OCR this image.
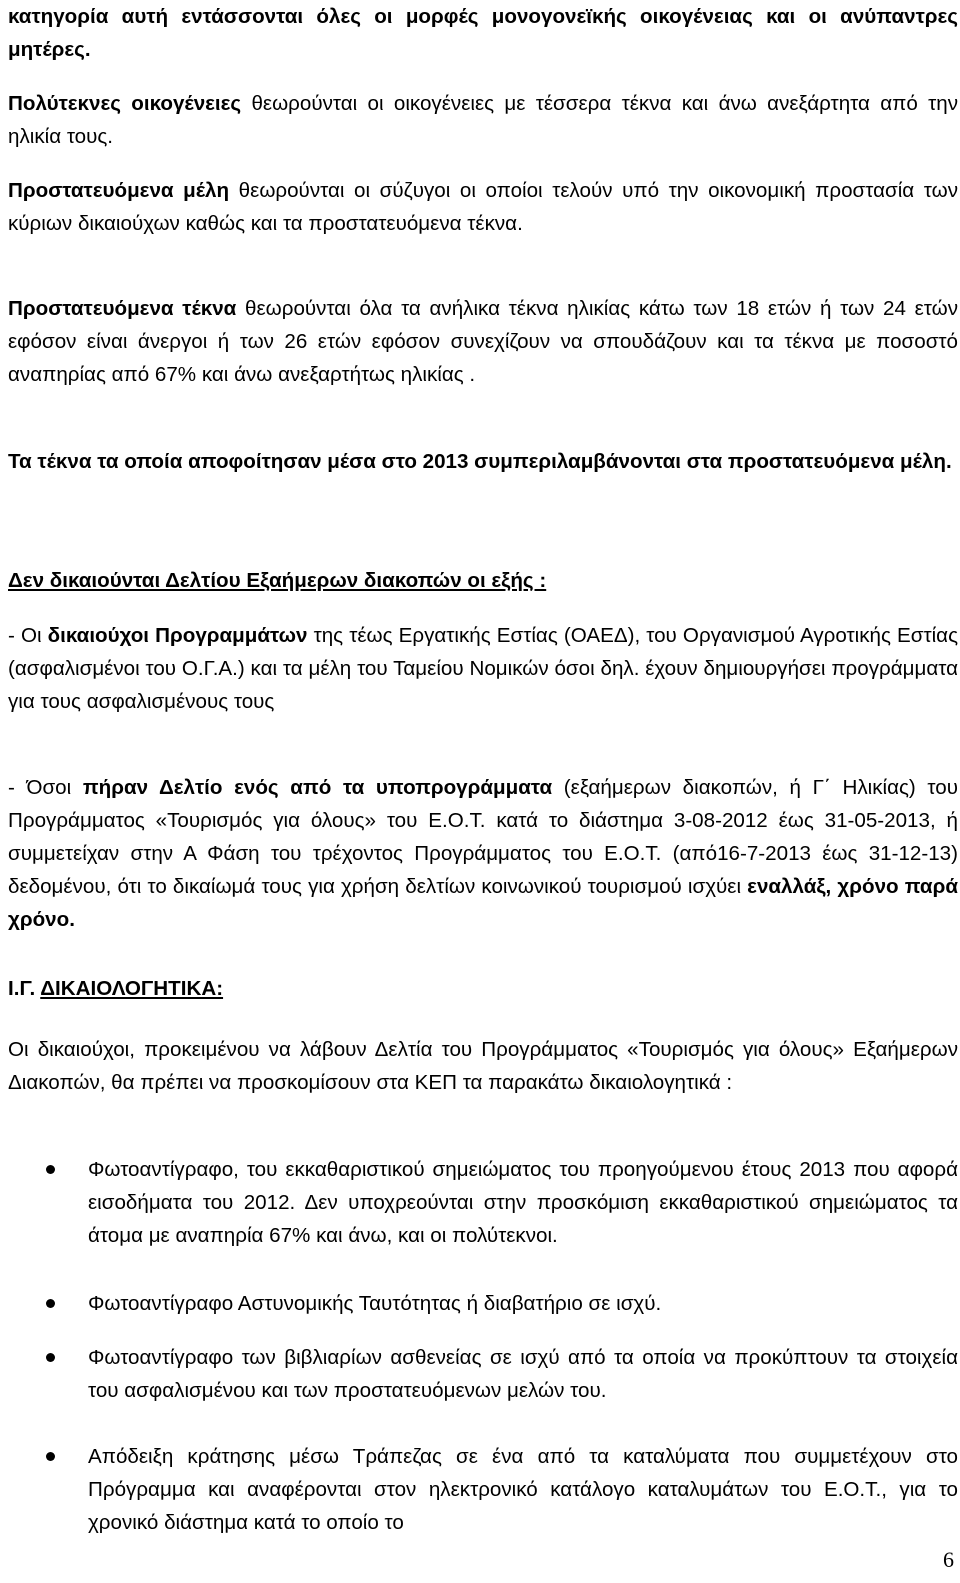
κατηγορία αυτή εντάσσονται όλες οι μορφές μονογονεϊκής οικογένειας και οι ανύπαντρες μητέρες.

Πολύτεκνες οικογένειες θεωρούνται οι οικογένειες με τέσσερα τέκνα και άνω ανεξάρτητα από την ηλικία τους.

Προστατευόμενα μέλη θεωρούνται οι σύζυγοι οι οποίοι τελούν υπό την οικονομική προστασία των κύριων δικαιούχων καθώς και τα προστατευόμενα τέκνα.

Προστατευόμενα τέκνα θεωρούνται όλα τα ανήλικα τέκνα ηλικίας κάτω των 18 ετών ή των 24 ετών εφόσον είναι άνεργοι ή των 26 ετών εφόσον συνεχίζουν να σπουδάζουν και τα τέκνα με ποσοστό αναπηρίας από 67% και άνω ανεξαρτήτως ηλικίας .

Τα τέκνα τα οποία αποφοίτησαν μέσα στο 2013 συμπεριλαμβάνονται στα προστατευόμενα μέλη.

Δεν δικαιούνται Δελτίου Εξαήμερων διακοπών οι εξής :

- Οι δικαιούχοι Προγραμμάτων της τέως Εργατικής Εστίας (ΟΑΕΔ), του Οργανισμού Αγροτικής Εστίας (ασφαλισμένοι του Ο.Γ.Α.) και τα μέλη του Ταμείου Νομικών όσοι δηλ. έχουν δημιουργήσει προγράμματα για τους ασφαλισμένους τους

- Όσοι πήραν Δελτίο ενός από τα υποπρογράμματα (εξαήμερων διακοπών, ή Γ΄ Ηλικίας) του Προγράμματος «Τουρισμός για όλους» του Ε.Ο.Τ. κατά το διάστημα 3-08-2012 έως 31-05-2013, ή συμμετείχαν στην Α Φάση του τρέχοντος Προγράμματος του Ε.Ο.Τ. (από16-7-2013 έως 31-12-13) δεδομένου, ότι το δικαίωμά τους για χρήση δελτίων κοινωνικού τουρισμού ισχύει εναλλάξ, χρόνο παρά χρόνο.

Ι.Γ. ΔΙΚΑΙΟΛΟΓΗΤΙΚΑ:

Οι δικαιούχοι, προκειμένου να λάβουν Δελτία του Προγράμματος «Τουρισμός για όλους» Εξαήμερων Διακοπών, θα πρέπει να προσκομίσουν στα ΚΕΠ τα παρακάτω δικαιολογητικά :

Φωτοαντίγραφο, του εκκαθαριστικού σημειώματος του προηγούμενου έτους 2013 που αφορά εισοδήματα του 2012. Δεν υποχρεούνται στην προσκόμιση εκκαθαριστικού σημειώματος τα άτομα με αναπηρία 67% και άνω, και οι πολύτεκνοι.
Φωτοαντίγραφο Αστυνομικής Ταυτότητας ή διαβατήριο σε ισχύ.
Φωτοαντίγραφο των βιβλιαρίων ασθενείας σε ισχύ από τα οποία να προκύπτουν τα στοιχεία του ασφαλισμένου και των προστατευόμενων μελών του.
Απόδειξη κράτησης μέσω Τράπεζας σε ένα από τα καταλύματα που συμμετέχουν στο Πρόγραμμα και αναφέρονται στον ηλεκτρονικό κατάλογο καταλυμάτων του Ε.Ο.Τ., για το χρονικό διάστημα κατά το οποίο το
6
